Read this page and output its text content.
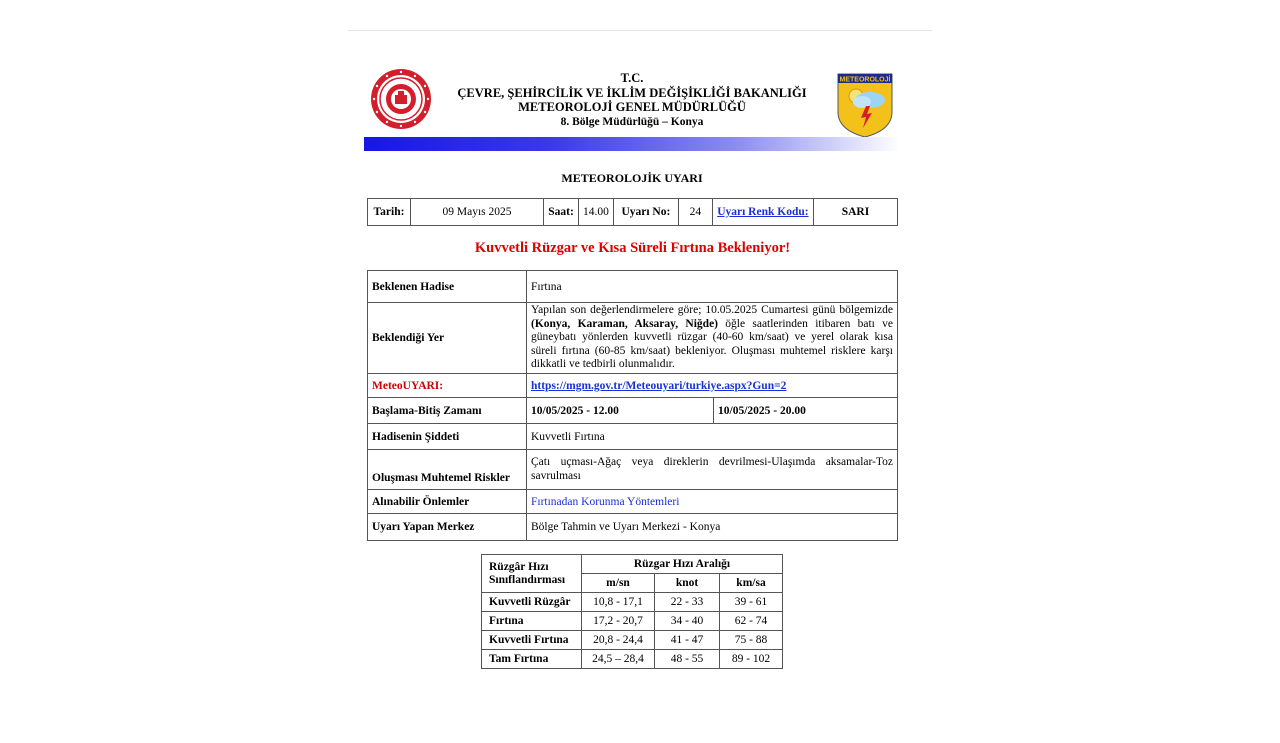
METEOROLOJİ
T.C.
ÇEVRE, ŞEHİRCİLİK VE İKLİM DEĞİŞİKLİĞİ BAKANLIĞI
METEOROLOJİ GENEL MÜDÜRLÜĞÜ
8. Bölge Müdürlüğü – Konya
METEOROLOJİK UYARI
Tarih:	09 Mayıs 2025	Saat:	14.00	Uyarı No:	24	Uyarı Renk Kodu:	SARI
Kuvvetli Rüzgar ve Kısa Süreli Fırtına Bekleniyor!
Beklenen Hadise	Fırtına	
Beklendiği Yer	Yapılan son değerlendirmelere göre; 10.05.2025 Cumartesi günü bölgemizde (Konya, Karaman, Aksaray, Niğde) öğle saatlerinden itibaren batı ve güneybatı yönlerden kuvvetli rüzgar (40-60 km/saat) ve yerel olarak kısa süreli fırtına (60-85 km/saat) bekleniyor. Oluşması muhtemel risklere karşı dikkatli ve tedbirli olunmalıdır.	
MeteoUYARI:	https://mgm.gov.tr/Meteouyari/turkiye.aspx?Gun=2	
Başlama-Bitiş Zamanı	10/05/2025 - 12.00	10/05/2025 - 20.00
Hadisenin Şiddeti	Kuvvetli Fırtına	
Oluşması Muhtemel Riskler	Çatı uçması-Ağaç veya direklerin devrilmesi-Ulaşımda aksamalar-Toz savrulması	
Alınabilir Önlemler	Fırtınadan Korunma Yöntemleri	
Uyarı Yapan Merkez	Bölge Tahmin ve Uyarı Merkezi - Konya	
Rüzgâr Hızı Sınıflandırması	Rüzgar Hızı Aralığı		
	m/sn	knot	km/sa
Kuvvetli Rüzgâr	10,8 - 17,1	22 - 33	39 - 61
Fırtına	17,2 - 20,7	34 - 40	62 - 74
Kuvvetli Fırtına	20,8 - 24,4	41 - 47	75 - 88
Tam Fırtına	24,5 – 28,4	48 - 55	89 - 102
